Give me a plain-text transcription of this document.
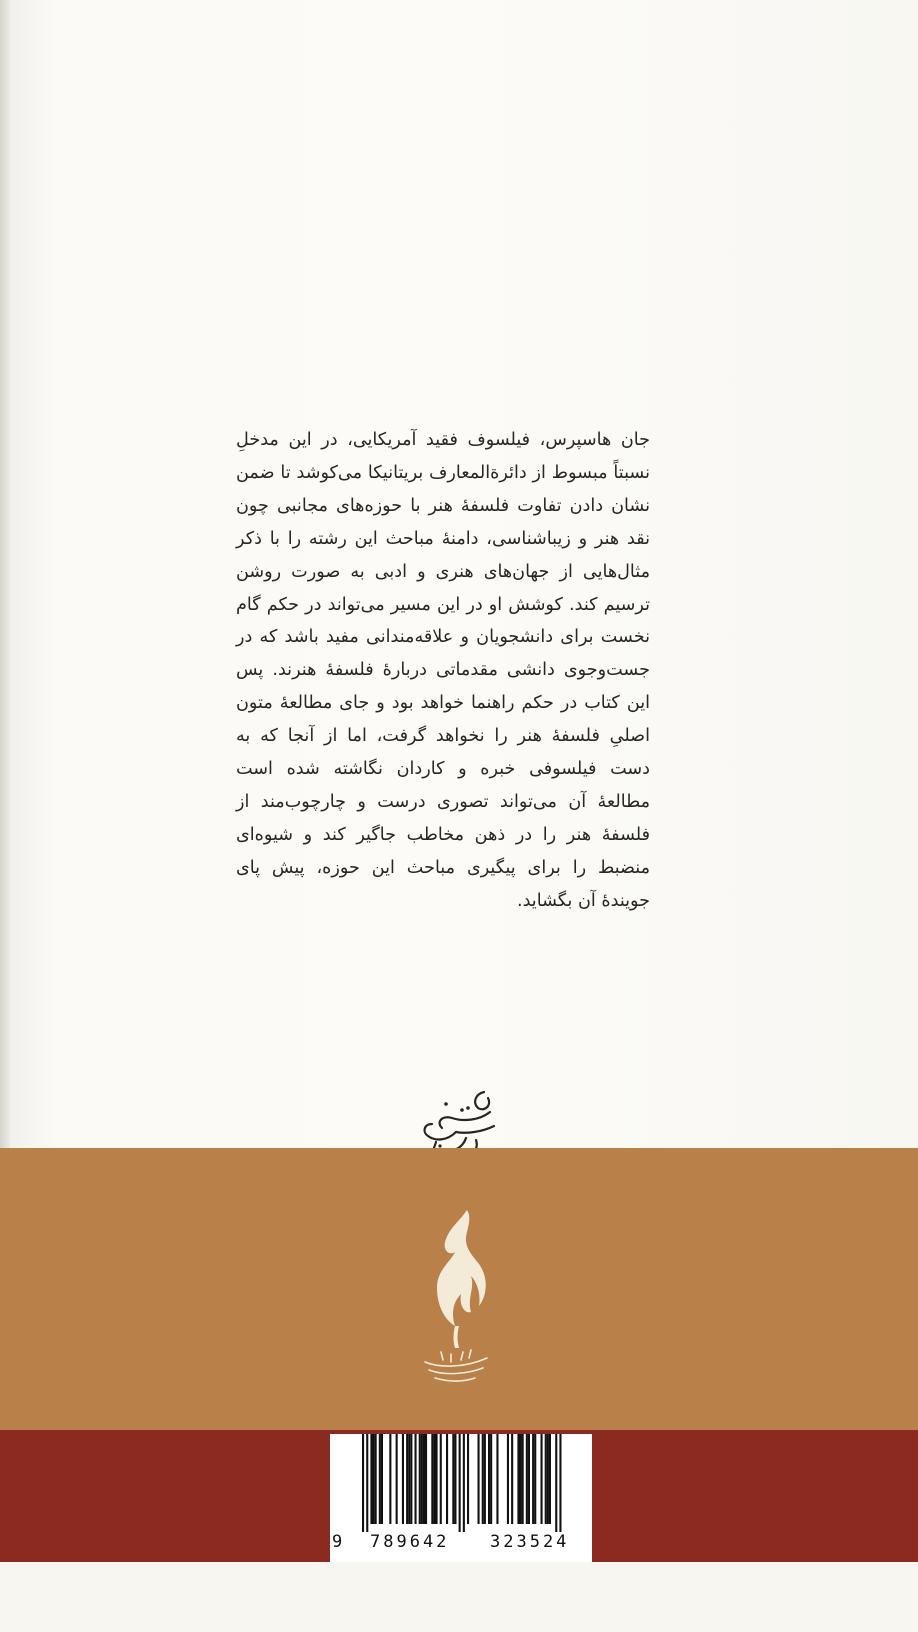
جان هاسپرس، فیلسوف فقید آمریکایی، در این مدخلِ نسبتاً مبسوط از دائرة‌المعارف بریتانیکا می‌کوشد تا ضمن نشان دادن تفاوت فلسفهٔ هنر با حوزه‌های مجانبی چون نقد هنر و زیباشناسی، دامنهٔ مباحث این رشته را با ذکر مثال‌هایی از جهان‌های هنری و ادبی به صورت روشن ترسیم کند. کوشش او در این مسیر می‌تواند در حکم گام نخست برای دانشجویان و علاقه‌مندانی مفید باشد که در جست‌وجوی دانشی مقدماتی دربارهٔ فلسفهٔ هنرند. پس این کتاب در حکم راهنما خواهد بود و جای مطالعهٔ متون اصلیِ فلسفهٔ هنر را نخواهد گرفت، اما از آنجا که به دست فیلسوفی خبره و کاردان نگاشته شده است مطالعهٔ آن می‌تواند تصوری درست و چارچوب‌مند از فلسفهٔ هنر را در ذهن مخاطب جاگیر کند و شیوه‌ای منضبط را برای پیگیری مباحث این حوزه، پیش پای جویندهٔ آن بگشاید.

9

789642

323524
